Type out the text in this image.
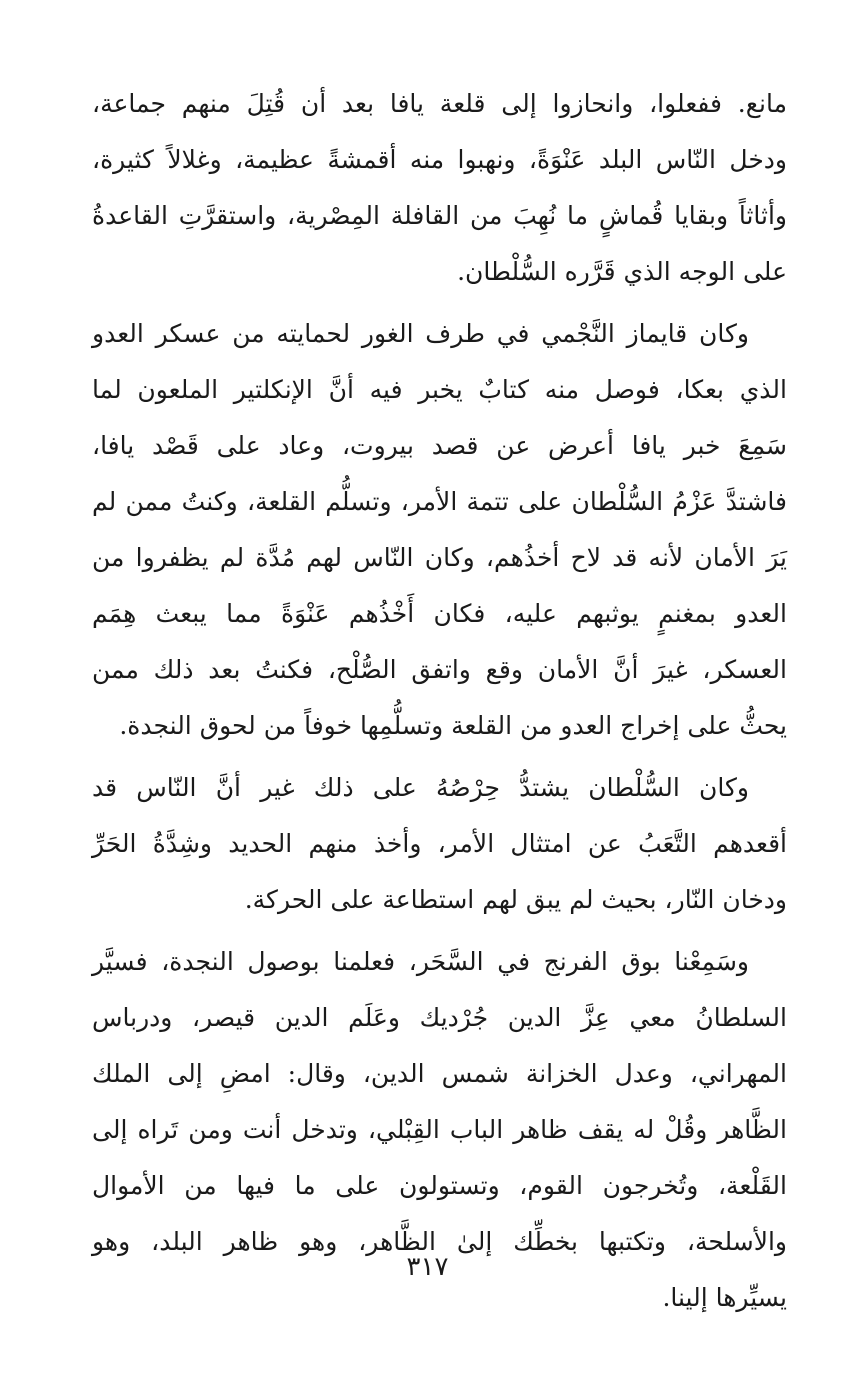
مانع. ففعلوا، وانحازوا إلى قلعة يافا بعد أن قُتِلَ منهم جماعة،
ودخل النّاس البلد عَنْوَةً، ونهبوا منه أقمشةً عظيمة، وغلالاً كثيرة،
وأثاثاً وبقايا قُماشٍ ما نُهِبَ من القافلة المِصْرية، واستقرَّتِ القاعدةُ
على الوجه الذي قَرَّره السُّلْطان.

وكان قايماز النَّجْمي في طرف الغور لحمايته من عسكر العدو
الذي بعكا، فوصل منه كتابٌ يخبر فيه أنَّ الإنكلتير الملعون لما
سَمِعَ خبر يافا أعرض عن قصد بيروت، وعاد على قَصْد يافا،
فاشتدَّ عَزْمُ السُّلْطان على تتمة الأمر، وتسلُّم القلعة، وكنتُ ممن لم
يَرَ الأمان لأنه قد لاح أخذُهم، وكان النّاس لهم مُدَّة لم يظفروا من
العدو بمغنمٍ يوثبهم عليه، فكان أَخْذُهم عَنْوَةً مما يبعث هِمَم
العسكر، غيرَ أنَّ الأمان وقع واتفق الصُّلْح، فكنتُ بعد ذلك ممن
يحثُّ على إخراج العدو من القلعة وتسلُّمِها خوفاً من لحوق النجدة.

وكان السُّلْطان يشتدُّ حِرْصُهُ على ذلك غير أنَّ النّاس قد
أقعدهم التَّعَبُ عن امتثال الأمر، وأخذ منهم الحديد وشِدَّةُ الحَرِّ
ودخان النّار، بحيث لم يبق لهم استطاعة على الحركة.

وسَمِعْنا بوق الفرنج في السَّحَر، فعلمنا بوصول النجدة، فسيَّر
السلطانُ معي عِزَّ الدين جُرْديك وعَلَم الدين قيصر، ودرباس
المهراني، وعدل الخزانة شمس الدين، وقال: امضِ إلى الملك
الظَّاهر وقُلْ له يقف ظاهر الباب القِبْلي، وتدخل أنت ومن تَراه إلى
القَلْعة، وتُخرجون القوم، وتستولون على ما فيها من الأموال
والأسلحة، وتكتبها بخطِّك إلىٰ الظَّاهر، وهو ظاهر البلد، وهو
يسيِّرها إلينا.

٣١٧
